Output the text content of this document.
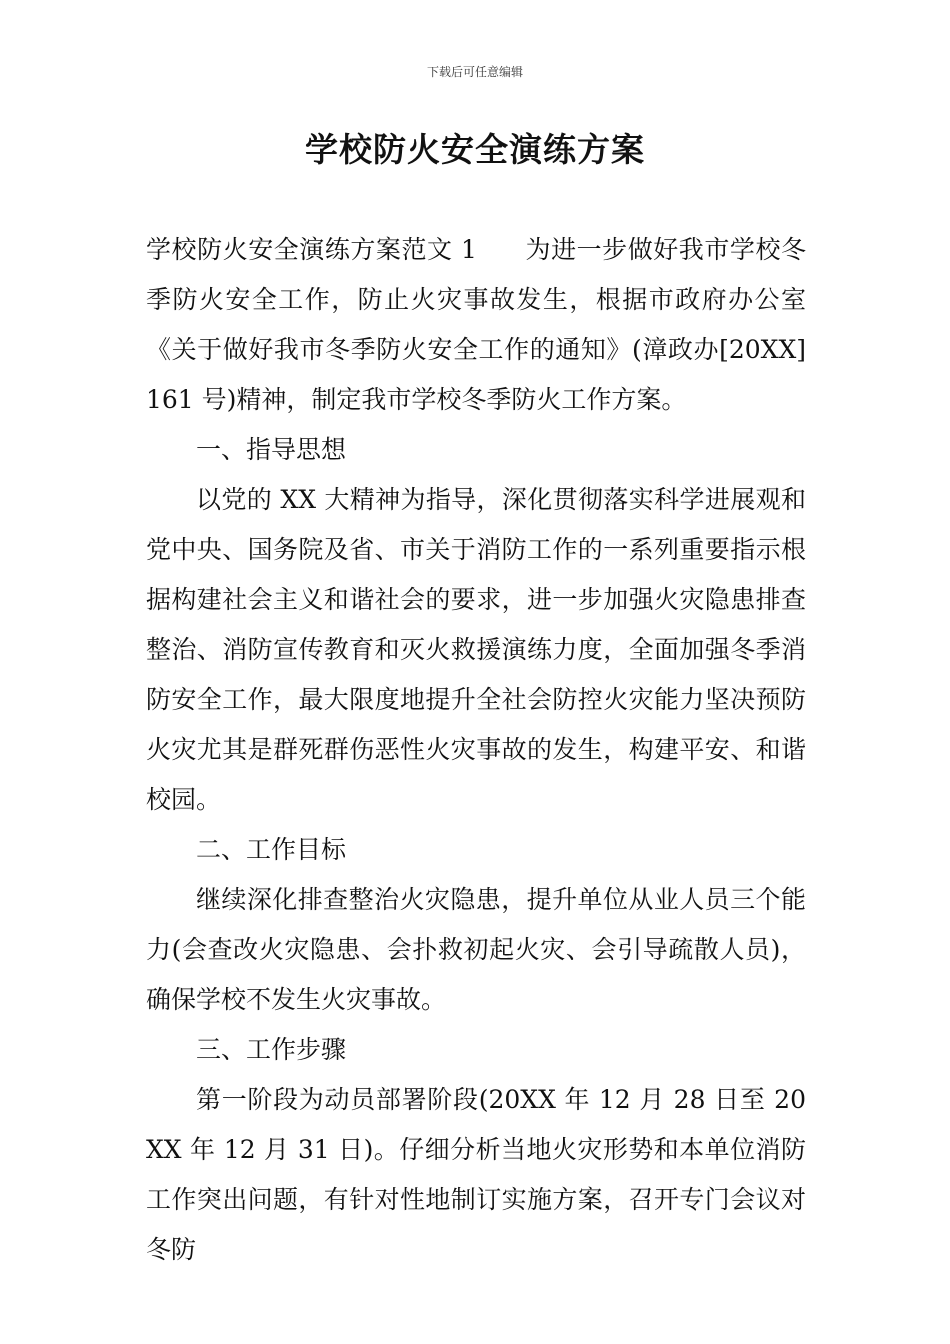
下载后可任意编辑
学校防火安全演练方案

学校防火安全演练方案范文 1 为进一步做好我市学校冬季防火安全工作，防止火灾事故发生，根据市政府办公室《关于做好我市冬季防火安全工作的通知》(漳政办[20XX]161 号)精神，制定我市学校冬季防火工作方案。

一、指导思想

以党的 XX 大精神为指导，深化贯彻落实科学进展观和党中央、国务院及省、市关于消防工作的一系列重要指示根据构建社会主义和谐社会的要求，进一步加强火灾隐患排查整治、消防宣传教育和灭火救援演练力度，全面加强冬季消防安全工作，最大限度地提升全社会防控火灾能力坚决预防火灾尤其是群死群伤恶性火灾事故的发生，构建平安、和谐校园。

二、工作目标

继续深化排查整治火灾隐患，提升单位从业人员三个能力(会查改火灾隐患、会扑救初起火灾、会引导疏散人员)，确保学校不发生火灾事故。

三、工作步骤

第一阶段为动员部署阶段(20XX 年 12 月 28 日至 20XX 年 12 月 31 日)。仔细分析当地火灾形势和本单位消防工作突出问题，有针对性地制订实施方案，召开专门会议对冬防
